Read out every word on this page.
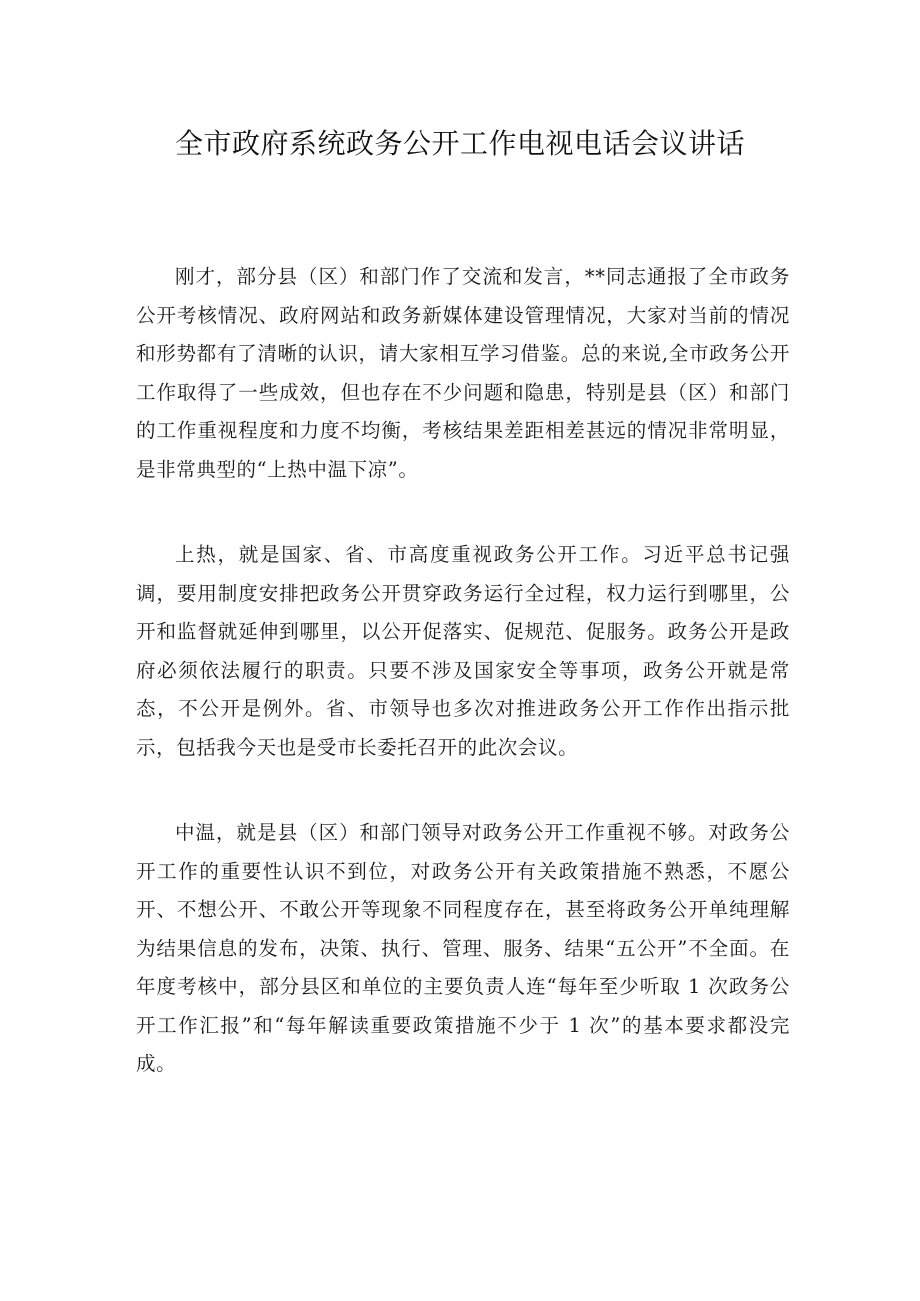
全市政府系统政务公开工作电视电话会议讲话

刚才，部分县（区）和部门作了交流和发言，**同志通报了全市政务公开考核情况、政府网站和政务新媒体建设管理情况，大家对当前的情况和形势都有了清晰的认识，请大家相互学习借鉴。总的来说,全市政务公开工作取得了一些成效，但也存在不少问题和隐患，特别是县（区）和部门的工作重视程度和力度不均衡，考核结果差距相差甚远的情况非常明显，是非常典型的“上热中温下凉”。

上热，就是国家、省、市高度重视政务公开工作。习近平总书记强调，要用制度安排把政务公开贯穿政务运行全过程，权力运行到哪里，公开和监督就延伸到哪里，以公开促落实、促规范、促服务。政务公开是政府必须依法履行的职责。只要不涉及国家安全等事项，政务公开就是常态，不公开是例外。省、市领导也多次对推进政务公开工作作出指示批示，包括我今天也是受市长委托召开的此次会议。

中温，就是县（区）和部门领导对政务公开工作重视不够。对政务公开工作的重要性认识不到位，对政务公开有关政策措施不熟悉，不愿公开、不想公开、不敢公开等现象不同程度存在，甚至将政务公开单纯理解为结果信息的发布，决策、执行、管理、服务、结果“五公开”不全面。在年度考核中，部分县区和单位的主要负责人连“每年至少听取 1 次政务公开工作汇报”和“每年解读重要政策措施不少于 1 次”的基本要求都没完成。
